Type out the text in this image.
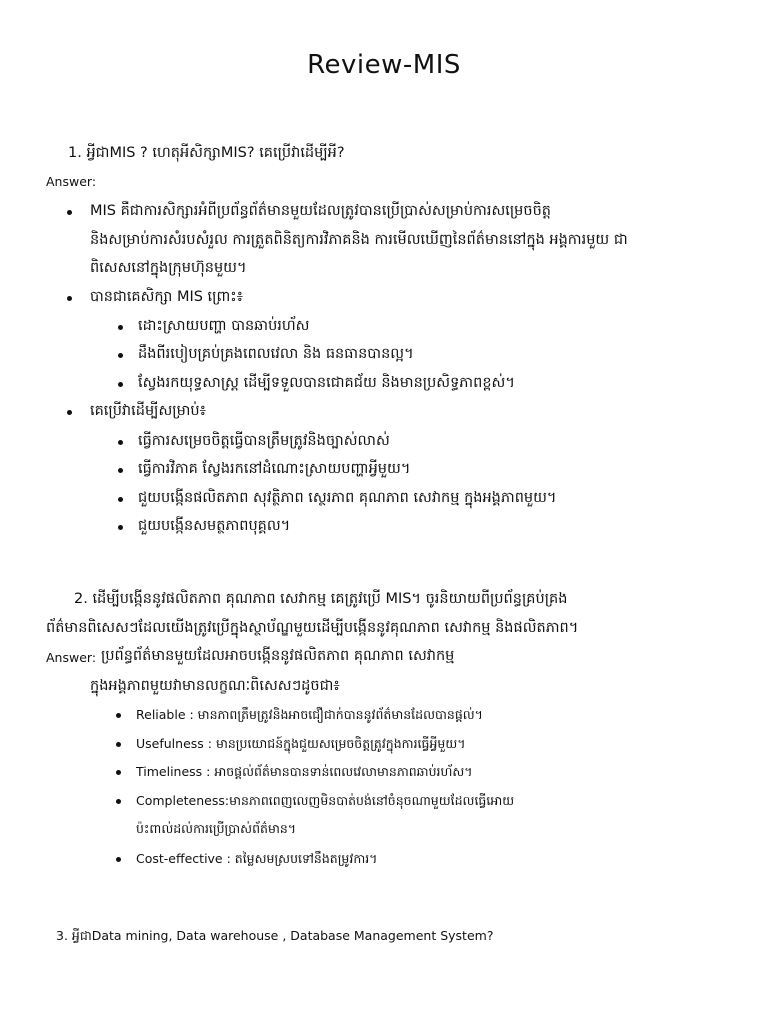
Review-MIS
1. អ្វីជាMIS ? ហេតុអីសិក្សាMIS? គេប្រើវាដើម្បីអី?
Answer:
MIS គឺជាការសិក្សារអំពីប្រព័ន្ធព័ត៌មានមួយដែលត្រូវបានប្រើប្រាស់សម្រាប់ការសម្រេចចិត្ត
និងសម្រាប់ការសំរបសំរួល ការត្រួតពិនិត្យការវិភាគនិង ការមើលឃើញនៃព័ត៌មាននៅក្នុង អង្គការមួយ ជា
ពិសេសនៅក្នុងក្រុមហ៊ុនមួយ។
បានជាគេសិក្សា MIS ព្រោះ៖
ដោះស្រាយបញ្ហា បានឆាប់រហ័ស
ដឹងពីរបៀបគ្រប់គ្រងពេលវេលា និង ធនធានបានល្អ។
ស្វែងរកយុទ្ធសាស្ត្រ ដើម្បីទទួលបានជោគជ័យ និងមានប្រសិទ្ធភាពខ្ពស់។
គេប្រើវាដើម្បីសម្រាប់៖
ធ្វើការសម្រេចចិត្តធ្វើបានត្រឹមត្រូវនិងច្បាស់លាស់
ធ្វើការវិភាគ ស្វែងរកនៅដំណោះស្រាយបញ្ហាអ្វីមួយ។
ជួយបង្កើនផលិតភាព សុវត្ថិភាព ស្ថេរភាព គុណភាព សេវាកម្ម ក្នុងអង្គភាពមួយ។
ជួយបង្កើនសមត្ថភាពបុគ្គល។
2. ដើម្បីបង្កើននូវផលិតភាព គុណភាព សេវាកម្ម គេត្រូវប្រើ MIS។ ចូរនិយាយពីប្រព័ន្ធគ្រប់គ្រង
ព័ត៌មានពិសេសៗដែលយើងត្រូវប្រើក្នុងស្ថាប័ណ្ឌមួយដើម្បីបង្កើននូវគុណភាព សេវាកម្ម និងផលិតភាព។
Answer: ប្រព័ន្ធព័ត៌មានមួយដែលអាចបង្កើននូវផលិតភាព គុណភាព សេវាកម្ម
ក្នុងអង្គភាពមួយវាមានលក្ខណៈពិសេសៗដូចជា៖
Reliable : មានភាពត្រឹមត្រូវនិងអាចជឿជាក់បាននូវព័ត៌មានដែលបានផ្តល់។
Usefulness : មានប្រយោជន៍ក្នុងជួយសម្រេចចិត្តត្រូវក្នុងការធ្វើអ្វីមួយ។
Timeliness : អាចផ្តល់ព័ត៌មានបានទាន់ពេលវេលាមានភាពឆាប់រហ័ស។
Completeness:មានភាពពេញលេញមិនបាត់បង់នៅចំនុចណាមួយដែលធ្វើអោយ
ប៉ះពាល់ដល់ការប្រើប្រាស់ព័ត៌មាន។
Cost-effective : តម្លៃសមស្របទៅនឹងតម្រូវការ។
3. អ្វីជាData mining, Data warehouse , Database Management System?
